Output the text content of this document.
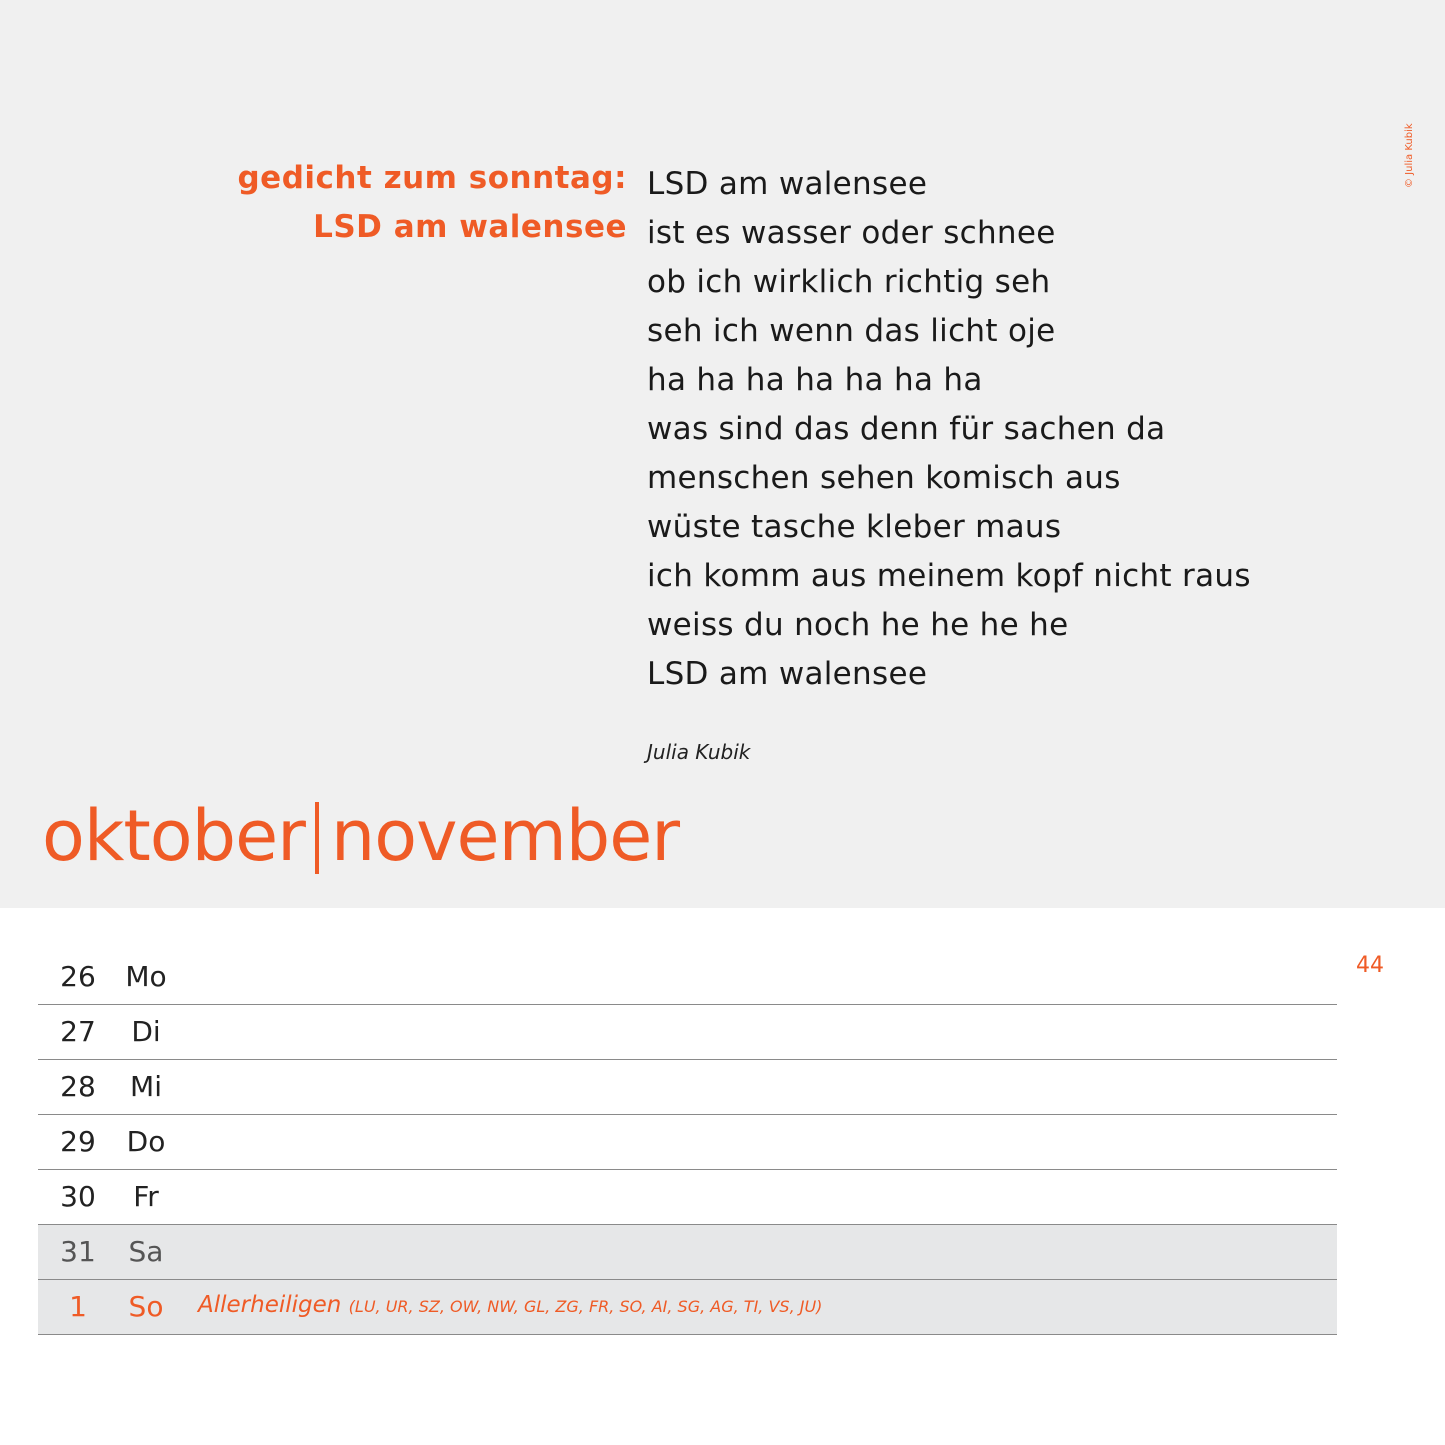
gedicht zum sonntag:
LSD am walensee
LSD am walensee
ist es wasser oder schnee
ob ich wirklich richtig seh
seh ich wenn das licht oje
ha ha ha ha ha ha ha
was sind das denn für sachen da
menschen sehen komisch aus
wüste tasche kleber maus
ich komm aus meinem kopf nicht raus
weiss du noch he he he he
LSD am walensee
Julia Kubik
© Julia Kubik
oktober november
44
26	Mo
27	Di
28	Mi
29	Do
30	Fr
31	Sa
1	So	Allerheiligen (LU, UR, SZ, OW, NW, GL, ZG, FR, SO, AI, SG, AG, TI, VS, JU)
